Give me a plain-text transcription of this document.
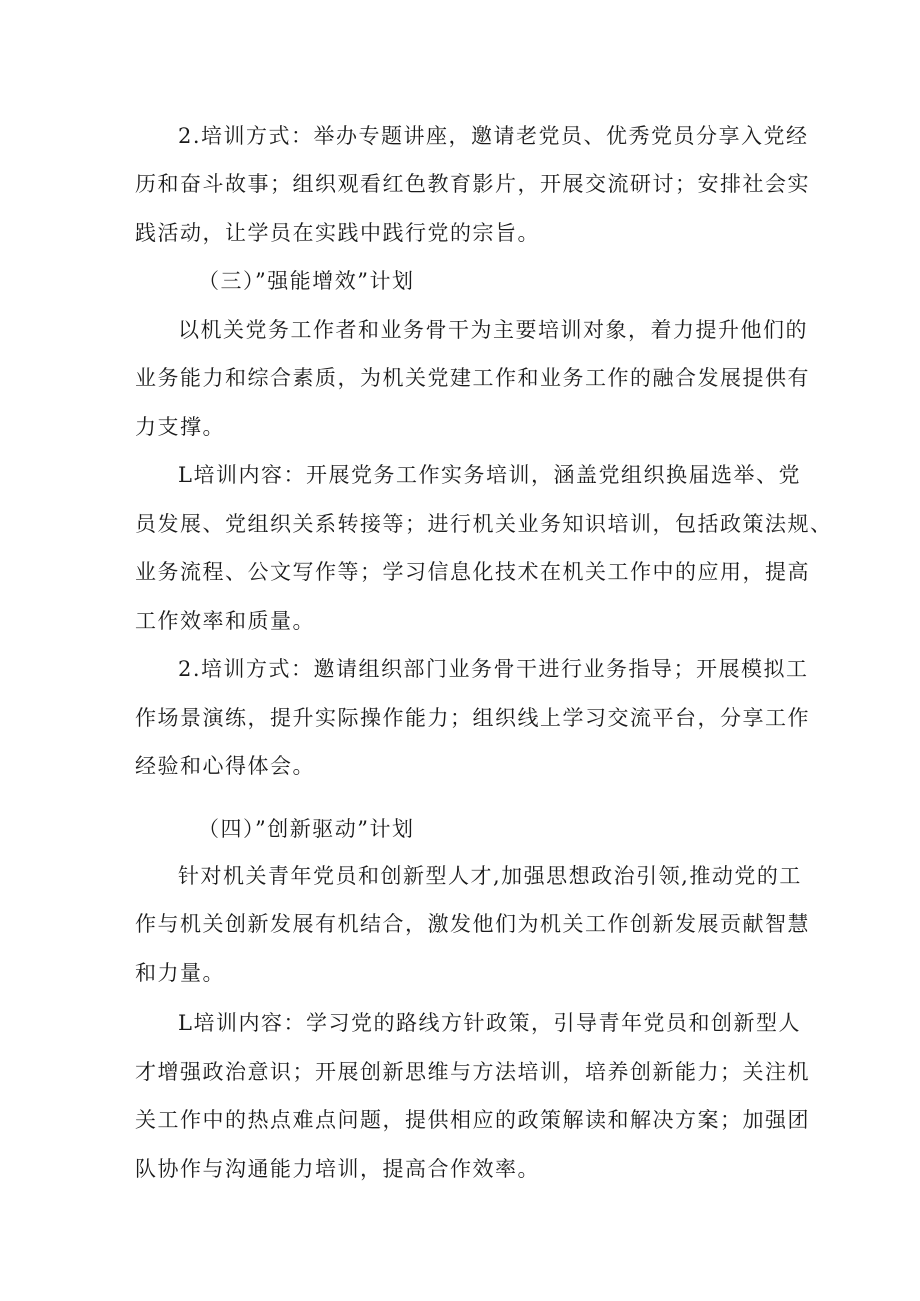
2.培训方式：举办专题讲座，邀请老党员、优秀党员分享入党经
历和奋斗故事；组织观看红色教育影片，开展交流研讨；安排社会实
践活动，让学员在实践中践行党的宗旨。
（三）”强能增效”计划
以机关党务工作者和业务骨干为主要培训对象，着力提升他们的
业务能力和综合素质，为机关党建工作和业务工作的融合发展提供有
力支撑。
L培训内容：开展党务工作实务培训，涵盖党组织换届选举、党
员发展、党组织关系转接等；进行机关业务知识培训，包括政策法规、
业务流程、公文写作等；学习信息化技术在机关工作中的应用，提高
工作效率和质量。
2.培训方式：邀请组织部门业务骨干进行业务指导；开展模拟工
作场景演练，提升实际操作能力；组织线上学习交流平台，分享工作
经验和心得体会。
（四）”创新驱动”计划
针对机关青年党员和创新型人才,加强思想政治引领,推动党的工
作与机关创新发展有机结合，激发他们为机关工作创新发展贡献智慧
和力量。
L培训内容：学习党的路线方针政策，引导青年党员和创新型人
才增强政治意识；开展创新思维与方法培训，培养创新能力；关注机
关工作中的热点难点问题，提供相应的政策解读和解决方案；加强团
队协作与沟通能力培训，提高合作效率。
